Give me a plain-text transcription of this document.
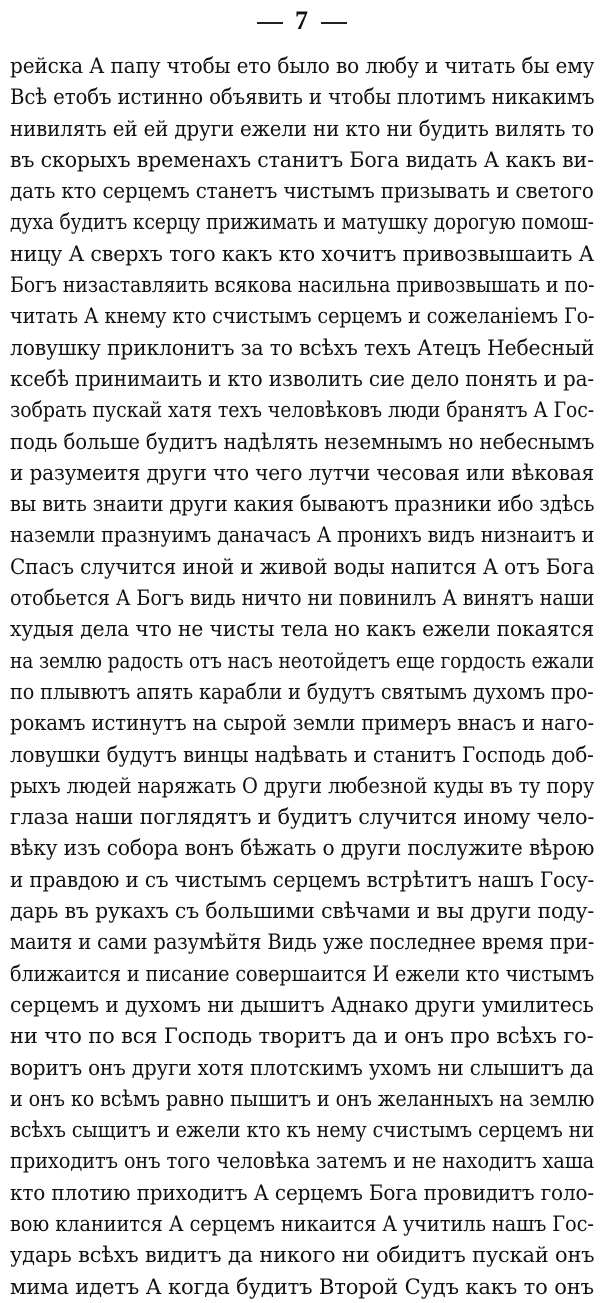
7
рейска А папу чтобы ето было во любу и читать бы ему
Всѣ етобъ истинно объявить и чтобы плотимъ никакимъ
нивилять ей ей други ежели ни кто ни будить вилять то
въ скорыхъ временахъ станитъ Бога видать А какъ ви-
дать кто серцемъ станетъ чистымъ призывать и светого
духа будитъ ксерцу прижимать и матушку дорогую помош-
ницу А сверхъ того какъ кто хочитъ привозвышаить А
Богъ низаставляить всякова насильна привозвышать и по-
читать А кнему кто счистымъ серцемъ и сожеланіемъ Го-
ловушку приклонитъ за то всѣхъ техъ Атецъ Небесный
ксебѣ принимаить и кто изволить сие дело понять и ра-
зобрать пускай хатя техъ человѣковъ люди бранятъ А Гос-
подь больше будитъ надѣлять неземнымъ но небеснымъ
и разумеитя други что чего лутчи чесовая или вѣковая
вы вить знаити други какия бываютъ празники ибо здѣсь
наземли празнуимъ даначасъ А пронихъ видъ низнаитъ и
Спасъ случится иной и живой воды напится А отъ Бога
отобьется А Богъ видь ничто ни повинилъ А винятъ наши
худыя дела что не чисты тела но какъ ежели покаятся
на землю радость отъ насъ неотойдетъ еще гордость ежали
по плывютъ апять карабли и будутъ святымъ духомъ про-
рокамъ истинутъ на сырой земли примеръ внасъ и наго-
ловушки будутъ винцы надѣвать и станитъ Господь доб-
рыхъ людей наряжать О други любезной куды въ ту пору
глаза наши поглядятъ и будитъ случится иному чело-
вѣку изъ собора вонъ бѣжать о други послужите вѣрою
и правдою и съ чистымъ серцемъ встрѣтитъ нашъ Госу-
дарь въ рукахъ съ большими свѣчами и вы други поду-
маитя и сами разумѣйтя Видь уже последнее время при-
ближаится и писание совершаится И ежели кто чистымъ
серцемъ и духомъ ни дышитъ Аднако други умилитесь
ни что по вся Господь творитъ да и онъ про всѣхъ го-
воритъ онъ други хотя плотскимъ ухомъ ни слышитъ да
и онъ ко всѣмъ равно пышитъ и онъ желанныхъ на землю
всѣхъ сыщитъ и ежели кто къ нему счистымъ серцемъ ни
приходитъ онъ того человѣка затемъ и не находитъ хаша
кто плотию приходитъ А серцемъ Бога провидитъ голо-
вою кланиится А серцемъ никаится А учитиль нашъ Гос-
ударь всѣхъ видитъ да никого ни обидитъ пускай онъ
мима идетъ А когда будитъ Второй Судъ какъ то онъ
